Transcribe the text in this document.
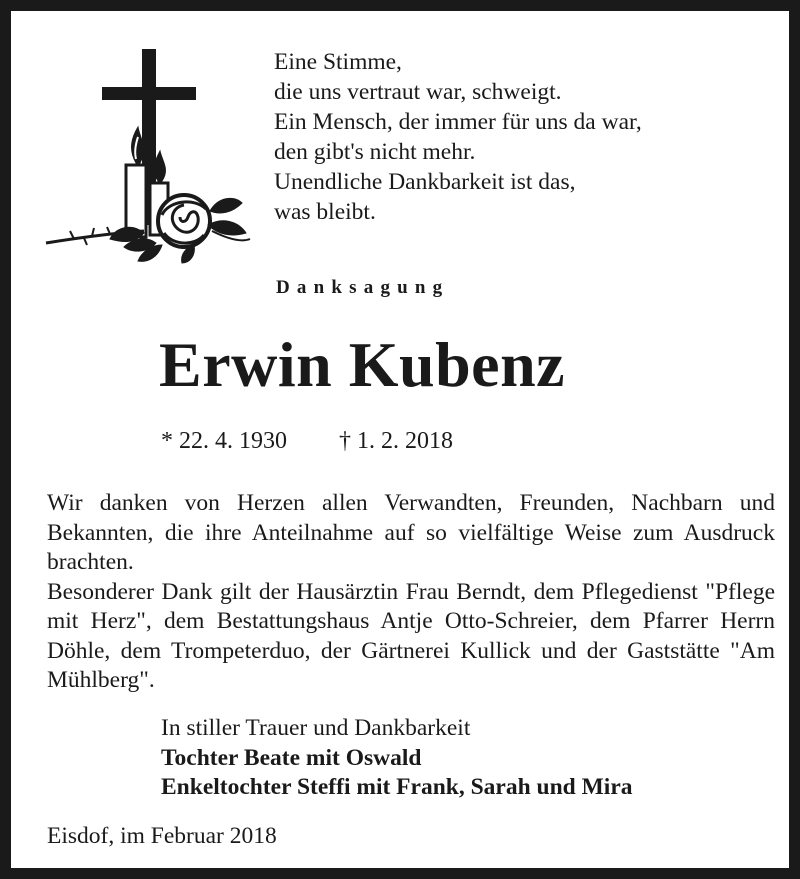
Eine Stimme,
die uns vertraut war, schweigt.
Ein Mensch, der immer für uns da war,
den gibt's nicht mehr.
Unendliche Dankbarkeit ist das,
was bleibt.
Danksagung
Erwin Kubenz
* 22. 4. 1930 † 1. 2. 2018

Wir danken von Herzen allen Verwandten, Freunden, Nachbarn und Bekannten, die ihre Anteilnahme auf so vielfältige Weise zum Ausdruck brachten.

Besonderer Dank gilt der Hausärztin Frau Berndt, dem Pflegedienst "Pflege mit Herz", dem Bestattungshaus Antje Otto-Schreier, dem Pfarrer Herrn Döhle, dem Trompeterduo, der Gärtnerei Kullick und der Gaststätte "Am Mühlberg".

In stiller Trauer und Dankbarkeit
Tochter Beate mit Oswald
Enkeltochter Steffi mit Frank, Sarah und Mira
Eisdof, im Februar 2018
